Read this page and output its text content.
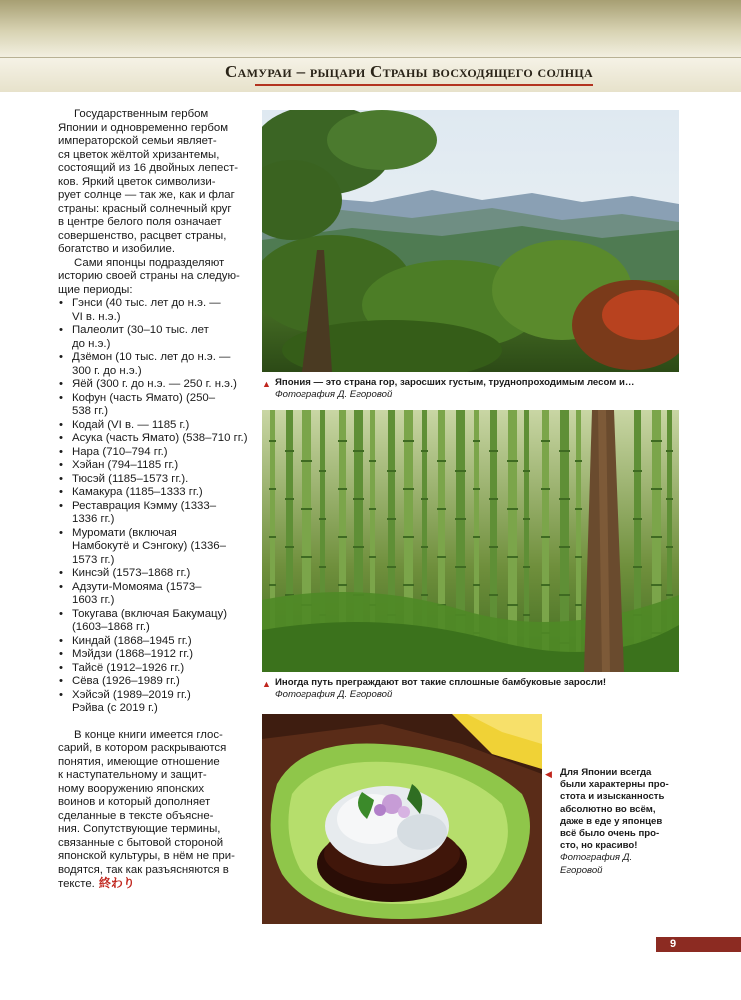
Самураи – рыцари Страны восходящего солнца

Государственным гербом
Японии и одновременно гербом
императорской семьи являет-
ся цветок жёлтой хризантемы,
состоящий из 16 двойных лепест-
ков. Яркий цветок символизи-
рует солнце — так же, как и флаг
страны: красный солнечный круг
в центре белого поля означает
совершенство, расцвет страны,
богатство и изобилие.

Сами японцы подразделяют
историю своей страны на следую-
щие периоды:

• Гэнси (40 тыс. лет до н.э. —
VI в. н.э.)
• Палеолит (30–10 тыс. лет
до н.э.)
• Дзёмон (10 тыс. лет до н.э. —
300 г. до н.э.)
• Яёй (300 г. до н.э. — 250 г. н.э.)
• Кофун (часть Ямато) (250–
538 гг.)
• Кодай (VI в. — 1185 г.)
• Асука (часть Ямато) (538–710 гг.)
• Нара (710–794 гг.)
• Хэйан (794–1185 гг.)
• Тюсэй (1185–1573 гг.).
• Камакура (1185–1333 гг.)
• Реставрация Кэмму (1333–
1336 гг.)
• Муромати (включая
Намбокутё и Сэнгоку) (1336–
1573 гг.)
• Кинсэй (1573–1868 гг.)
• Адзути-Момояма (1573–
1603 гг.)
• Токугава (включая Бакумацу)
(1603–1868 гг.)
• Киндай (1868–1945 гг.)
• Мэйдзи (1868–1912 гг.)
• Тайсё (1912–1926 гг.)
• Сёва (1926–1989 гг.)
• Хэйсэй (1989–2019 гг.)
Рэйва (с 2019 г.)

В конце книги имеется глос-
сарий, в котором раскрываются
понятия, имеющие отношение
к наступательному и защит-
ному вооружению японских
воинов и который дополняет
сделанные в тексте объясне-
ния. Сопутствующие термины,
связанные с бытовой стороной
японской культуры, в нём не при-
водятся, так как разъясняются в
тексте. 終わり

▲ Япония — это страна гор, заросших густым, труднопроходимым лесом и…
Фотография Д. Егоровой
▲ Иногда путь преграждают вот такие сплошные бамбуковые заросли!
Фотография Д. Егоровой
◀ Для Японии всегда
были характерны про-
стота и изысканность
абсолютно во всём,
даже в еде у японцев
всё было очень про-
сто, но красиво!
Фотография Д. Егоровой
9
